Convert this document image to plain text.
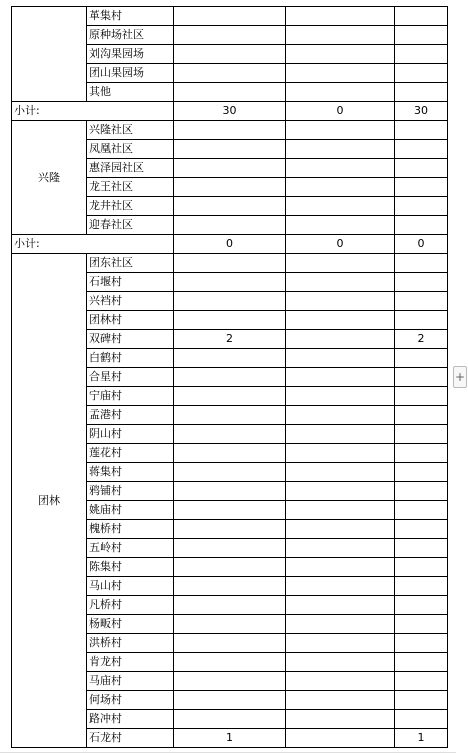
	革集村			
	原种场社区			
	刘沟果园场			
	团山果园场			
	其他			
小计:		30	0	30
兴隆	兴隆社区			
	凤凰社区			
	惠泽园社区			
	龙王社区			
	龙井社区			
	迎春社区			
小计:		0	0	0
团林	团东社区			
	石堰村			
	兴裆村			
	团林村			
	双碑村	2		2
	白鹤村			
	合星村			
	宁庙村			
	孟港村			
	阴山村			
	莲花村			
	蒋集村			
	鸦铺村			
	姚庙村			
	槐桥村			
	五岭村			
	陈集村			
	马山村			
	凡桥村			
	杨畈村			
	洪桥村			
	肯龙村			
	马庙村			
	何场村			
	路冲村			
	石龙村	1		1
+
